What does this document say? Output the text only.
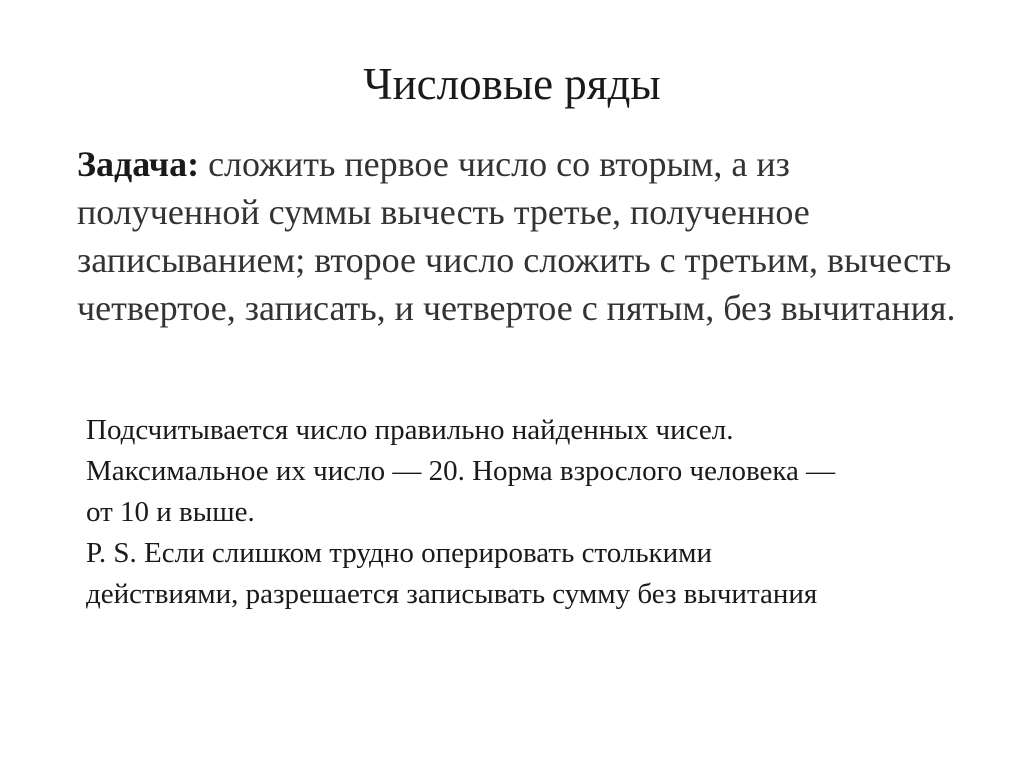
Числовые ряды

Задача: сложить первое число со вторым, а из полученной суммы вычесть третье, полученное записыванием; второе число сложить с третьим, вычесть четвертое, записать, и четвертое с пятым, без вычитания.

Подсчитывается число правильно найденных чисел.
Максимальное их число — 20. Норма взрослого человека —
от 10 и выше.
P. S. Если слишком трудно оперировать столькими
действиями, разрешается записывать сумму без вычитания
